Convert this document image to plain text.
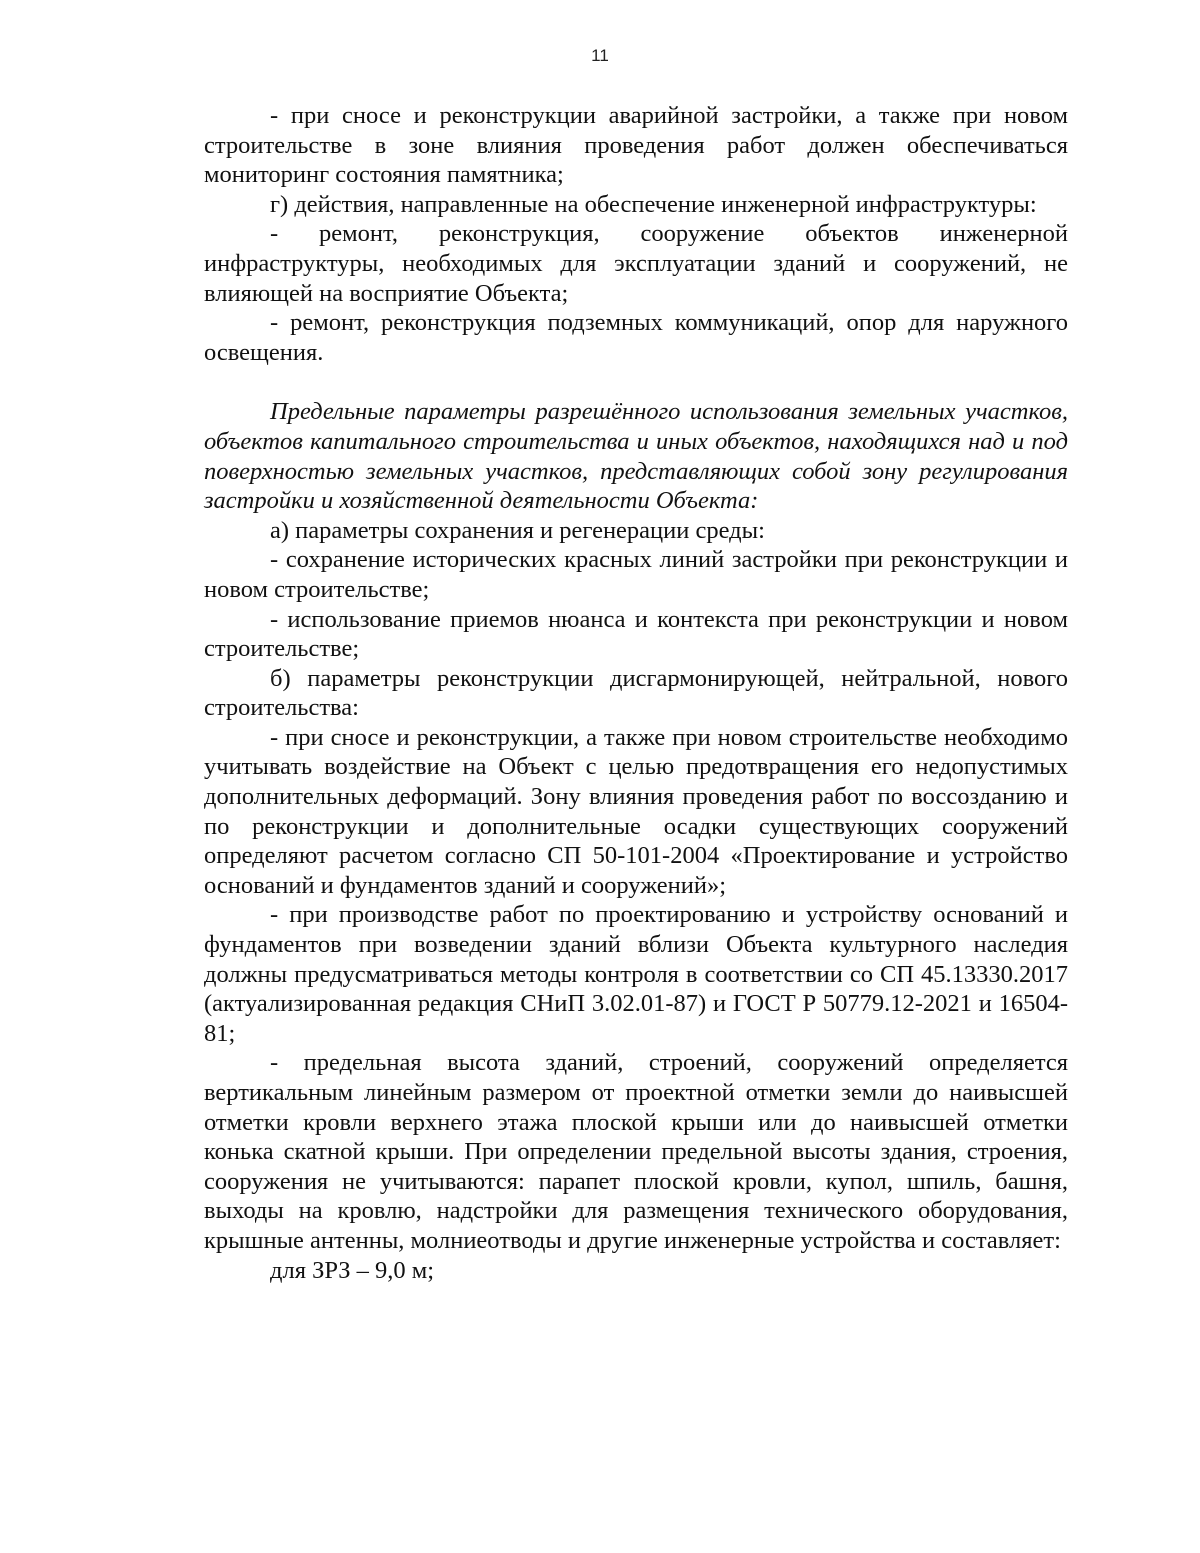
11

- при сносе и реконструкции аварийной застройки, а также при новом строительстве в зоне влияния проведения работ должен обеспечиваться мониторинг состояния памятника;

г) действия, направленные на обеспечение инженерной инфраструктуры:

- ремонт, реконструкция, сооружение объектов инженерной инфраструктуры, необходимых для эксплуатации зданий и сооружений, не влияющей на восприятие Объекта;

- ремонт, реконструкция подземных коммуникаций, опор для наружного освещения.

Предельные параметры разрешённого использования земельных участков, объектов капитального строительства и иных объектов, находящихся над и под поверхностью земельных участков, представляющих собой зону регулирования застройки и хозяйственной деятельности Объекта:

а) параметры сохранения и регенерации среды:

- сохранение исторических красных линий застройки при реконструкции и новом строительстве;

- использование приемов нюанса и контекста при реконструкции и новом строительстве;

б) параметры реконструкции дисгармонирующей, нейтральной, нового строительства:

- при сносе и реконструкции, а также при новом строительстве необходимо учитывать воздействие на Объект с целью предотвращения его недопустимых дополнительных деформаций. Зону влияния проведения работ по воссозданию и по реконструкции и дополнительные осадки существующих сооружений определяют расчетом согласно СП 50-101-2004 «Проектирование и устройство оснований и фундаментов зданий и сооружений»;

- при производстве работ по проектированию и устройству оснований и фундаментов при возведении зданий вблизи Объекта культурного наследия должны предусматриваться методы контроля в соответствии со СП 45.13330.2017 (актуализированная редакция СНиП 3.02.01-87) и ГОСТ Р 50779.12-2021 и 16504-81;

- предельная высота зданий, строений, сооружений определяется вертикальным линейным размером от проектной отметки земли до наивысшей отметки кровли верхнего этажа плоской крыши или до наивысшей отметки конька скатной крыши. При определении предельной высоты здания, строения, сооружения не учитываются: парапет плоской кровли, купол, шпиль, башня, выходы на кровлю, надстройки для размещения технического оборудования, крышные антенны, молниеотводы и другие инженерные устройства и составляет:

для ЗРЗ – 9,0 м;
